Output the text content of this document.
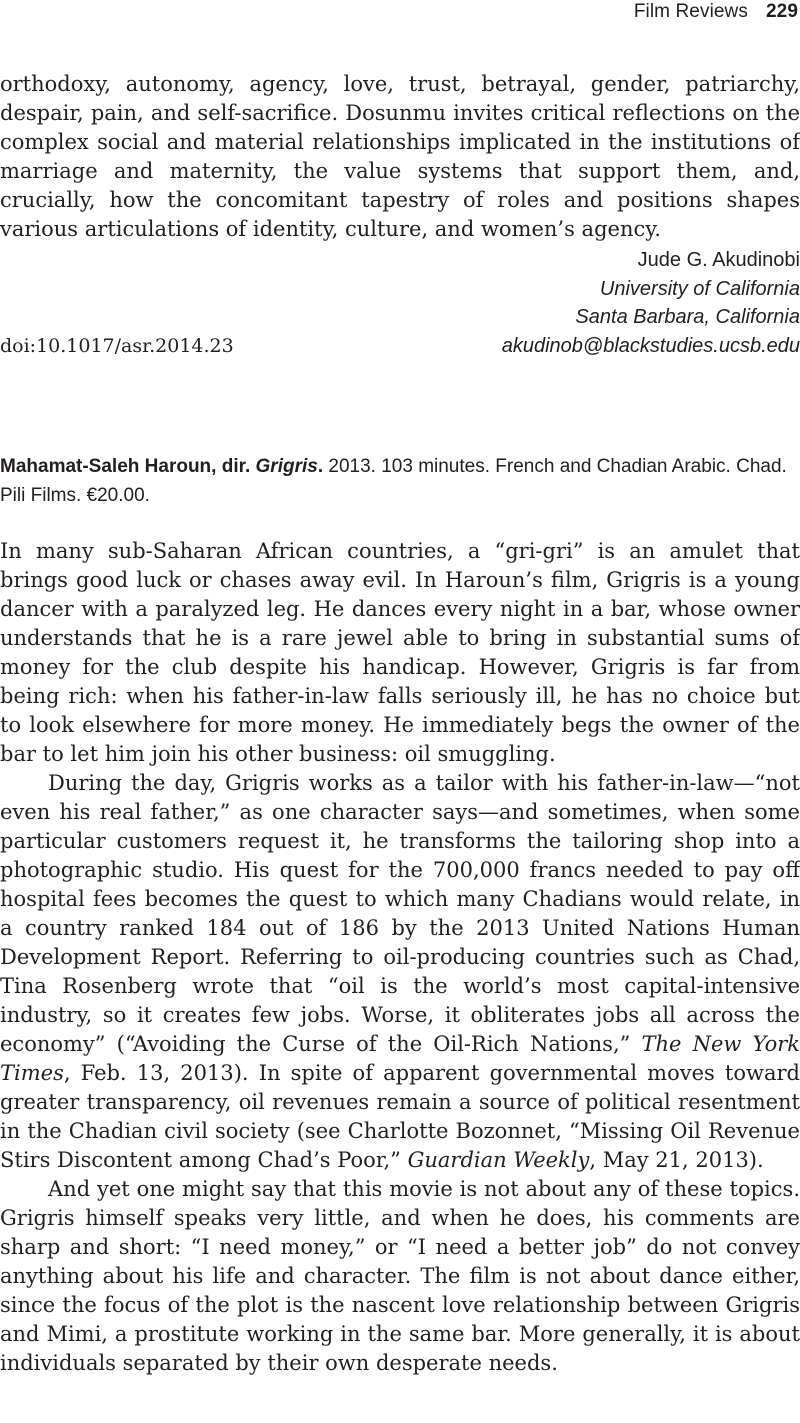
Film Reviews 229

orthodoxy, autonomy, agency, love, trust, betrayal, gender, patriarchy, despair, pain, and self-sacrifice. Dosunmu invites critical reflections on the complex social and material relationships implicated in the institutions of marriage and maternity, the value systems that support them, and, crucially, how the concomitant tapestry of roles and positions shapes various articulations of identity, culture, and women’s agency.

Jude G. Akudinobi
University of California
Santa Barbara, California
doi:10.1017/asr.2014.23	akudinob@blackstudies.ucsb.edu
Mahamat-Saleh Haroun, dir. Grigris. 2013. 103 minutes. French and Chadian Arabic. Chad. Pili Films. €20.00.

In many sub-Saharan African countries, a “gri-gri” is an amulet that brings good luck or chases away evil. In Haroun’s film, Grigris is a young dancer with a paralyzed leg. He dances every night in a bar, whose owner understands that he is a rare jewel able to bring in substantial sums of money for the club despite his handicap. However, Grigris is far from being rich: when his father-in-law falls seriously ill, he has no choice but to look elsewhere for more money. He immediately begs the owner of the bar to let him join his other business: oil smuggling.

During the day, Grigris works as a tailor with his father-in-law—“not even his real father,” as one character says—and sometimes, when some particular customers request it, he transforms the tailoring shop into a photographic studio. His quest for the 700,000 francs needed to pay off hospital fees becomes the quest to which many Chadians would relate, in a country ranked 184 out of 186 by the 2013 United Nations Human Development Report. Referring to oil-producing countries such as Chad, Tina Rosenberg wrote that “oil is the world’s most capital-intensive industry, so it creates few jobs. Worse, it obliterates jobs all across the economy” (“Avoiding the Curse of the Oil-Rich Nations,” The New York Times, Feb. 13, 2013). In spite of apparent governmental moves toward greater transparency, oil revenues remain a source of political resentment in the Chadian civil society (see Charlotte Bozonnet, “Missing Oil Revenue Stirs Discontent among Chad’s Poor,” Guardian Weekly, May 21, 2013).

And yet one might say that this movie is not about any of these topics. Grigris himself speaks very little, and when he does, his comments are sharp and short: “I need money,” or “I need a better job” do not convey anything about his life and character. The film is not about dance either, since the focus of the plot is the nascent love relationship between Grigris and Mimi, a prostitute working in the same bar. More generally, it is about individuals separated by their own desperate needs.
